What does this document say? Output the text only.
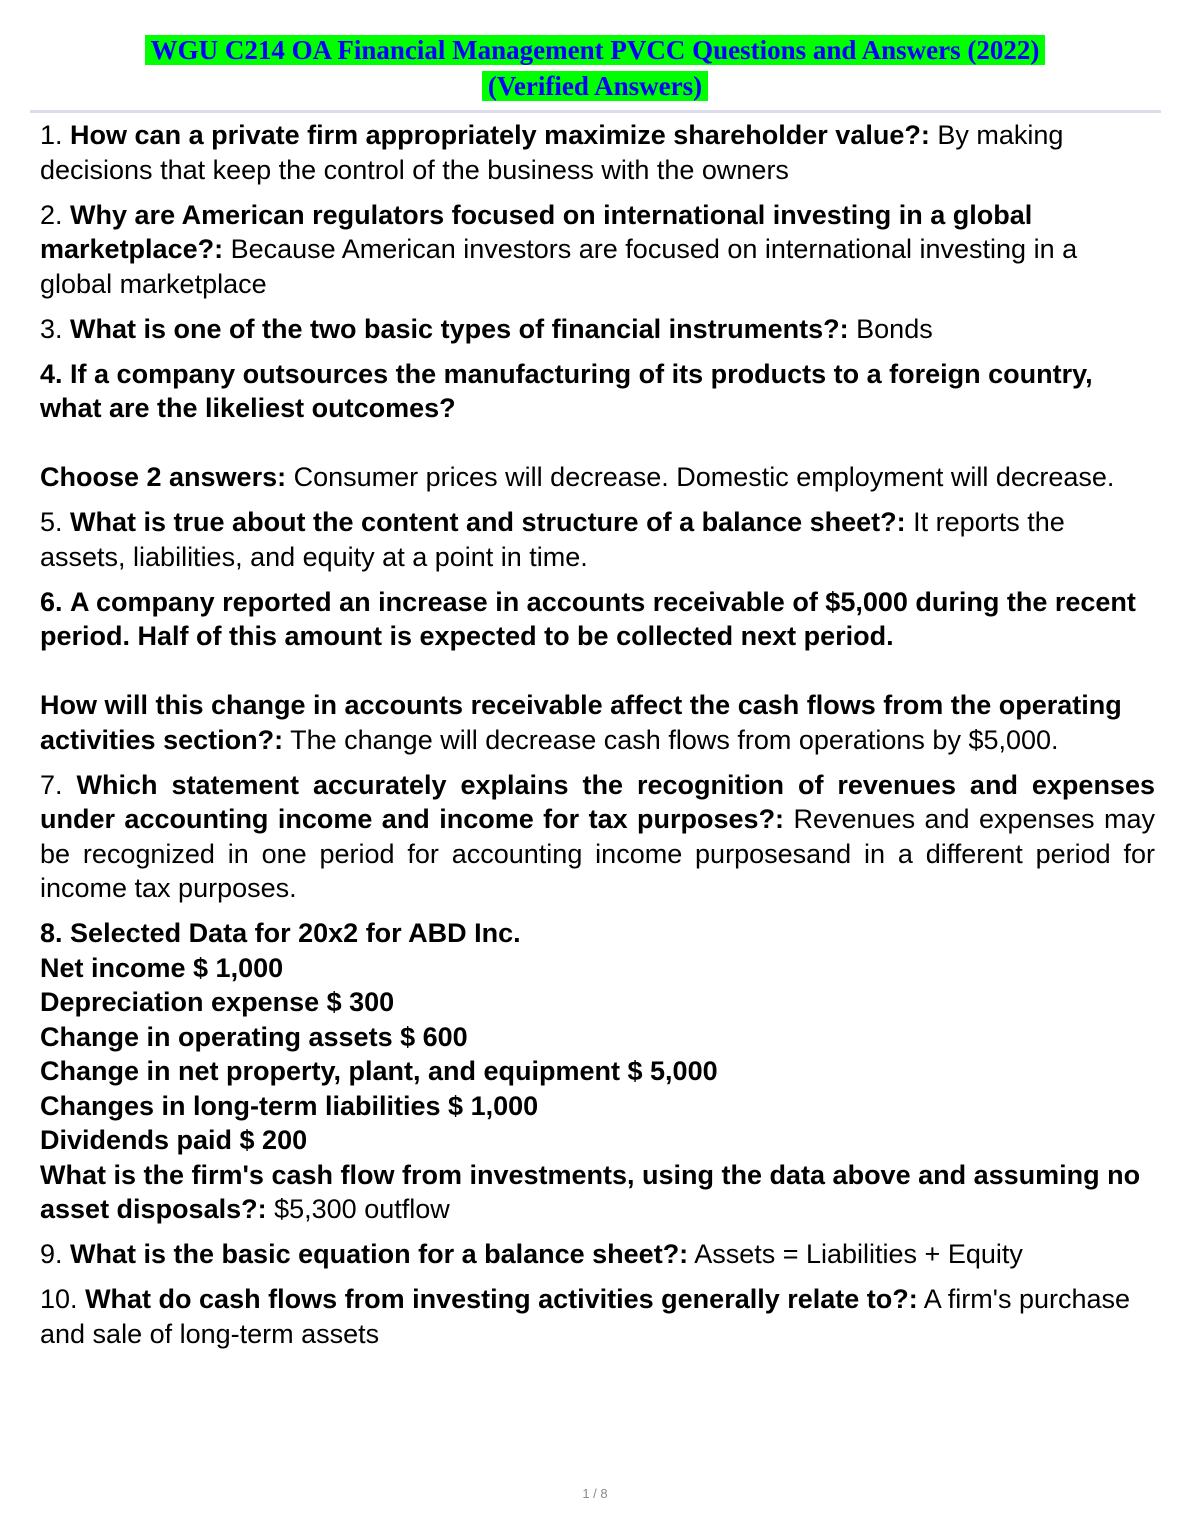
WGU C214 OA Financial Management PVCC Questions and Answers (2022)
(Verified Answers)
1. How can a private firm appropriately maximize shareholder value?: By making decisions that keep the control of the business with the owners
2. Why are American regulators focused on international investing in a global marketplace?: Because American investors are focused on international investing in a global marketplace
3. What is one of the two basic types of financial instruments?: Bonds
4. If a company outsources the manufacturing of its products to a foreign country, what are the likeliest outcomes?
Choose 2 answers: Consumer prices will decrease. Domestic employment will decrease.
5. What is true about the content and structure of a balance sheet?: It reports the assets, liabilities, and equity at a point in time.
6. A company reported an increase in accounts receivable of $5,000 during the recent period. Half of this amount is expected to be collected next period.
How will this change in accounts receivable affect the cash flows from the operating activities section?: The change will decrease cash flows from operations by $5,000.
7. Which statement accurately explains the recognition of revenues and expenses under accounting income and income for tax purposes?: Revenues and expenses may be recognized in one period for accounting income purposesand in a different period for income tax purposes.
8. Selected Data for 20x2 for ABD Inc.
Net income $ 1,000
Depreciation expense $ 300
Change in operating assets $ 600
Change in net property, plant, and equipment $ 5,000
Changes in long-term liabilities $ 1,000
Dividends paid $ 200
What is the firm's cash flow from investments, using the data above and assuming no asset disposals?: $5,300 outflow
9. What is the basic equation for a balance sheet?: Assets = Liabilities + Equity
10. What do cash flows from investing activities generally relate to?: A firm's purchase and sale of long-term assets
1 / 8
